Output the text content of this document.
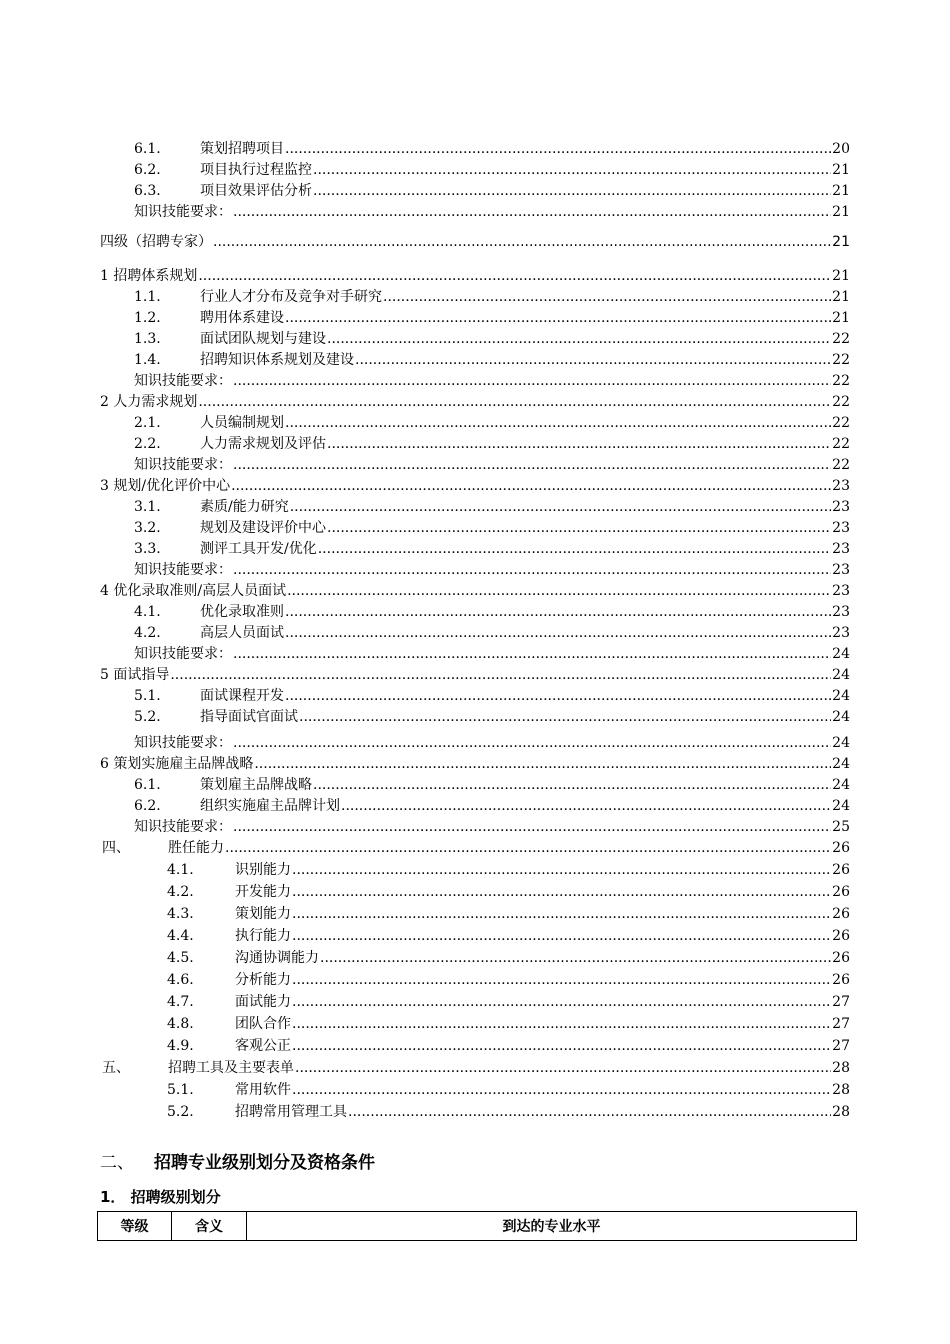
6.1.	策划招聘项目 .....	20
6.2.	项目执行过程监控 .....	21
6.3.	项目效果评估分析 .....	21
知识技能要求： .....	21
四级（招聘专家） .....	21
1 招聘体系规划 .....	21
1.1.	行业人才分布及竞争对手研究 .....	21
1.2.	聘用体系建设 .....	21
1.3.	面试团队规划与建设 .....	22
1.4.	招聘知识体系规划及建设 .....	22
知识技能要求： .....	22
2 人力需求规划 .....	22
2.1.	人员编制规划 .....	22
2.2.	人力需求规划及评估 .....	22
知识技能要求： .....	22
3 规划/优化评价中心 .....	23
3.1.	素质/能力研究 .....	23
3.2.	规划及建设评价中心 .....	23
3.3.	测评工具开发/优化 .....	23
知识技能要求： .....	23
4 优化录取准则/高层人员面试 .....	23
4.1.	优化录取准则 .....	23
4.2.	高层人员面试 .....	23
知识技能要求： .....	24
5 面试指导 .....	24
5.1.	面试课程开发 .....	24
5.2.	指导面试官面试 .....	24
知识技能要求： .....	24
6 策划实施雇主品牌战略 .....	24
6.1.	策划雇主品牌战略 .....	24
6.2.	组织实施雇主品牌计划 .....	24
知识技能要求： .....	25
四、	胜任能力 .....	26
4.1.	识别能力 .....	26
4.2.	开发能力 .....	26
4.3.	策划能力 .....	26
4.4.	执行能力 .....	26
4.5.	沟通协调能力 .....	26
4.6.	分析能力 .....	26
4.7.	面试能力 .....	27
4.8.	团队合作 .....	27
4.9.	客观公正 .....	27
五、	招聘工具及主要表单 .....	28
5.1.	常用软件 .....	28
5.2.	招聘常用管理工具 .....	28
二、 招聘专业级别划分及资格条件
1． 招聘级别划分
等级	含义	到达的专业水平
